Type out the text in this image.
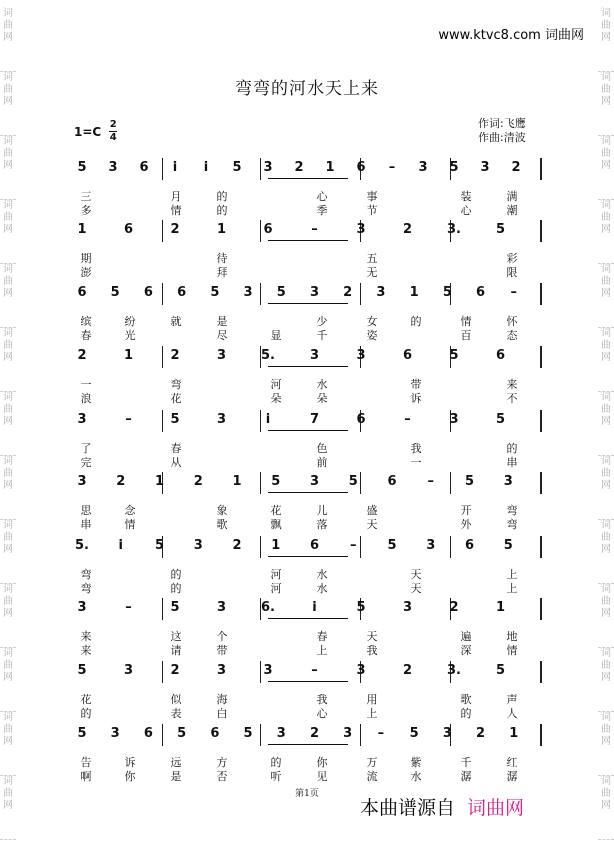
词
曲
网
词
曲
网
词
曲
网
词
曲
网
词
曲
网
词
曲
网
词
曲
网
词
曲
网
词
曲
网
词
曲
网
词
曲
网
词
曲
网
词
曲
网
词
曲
网
词
曲
网
词
曲
网
词
曲
网
词
曲
网
词
曲
网
词
曲
网
词
曲
网
词
曲
网
词
曲
网
词
曲
网
词
曲
网
词
曲
网
www.ktvc8.com 词曲网
弯弯的河水天上来
$1=C \frac{2}{4}$	作词:飞鹰
作曲:清波
5 3 6	i	i	5 3 2 1 6	–	3 5 3 2
三	月	的	心	事	装	满
多	情	的	季	节	心	潮
1	6	2	1	6	–	3	2	3.	5
期	待	五	彩
澎	拜	无	限
6 5 6 6 5 3 5 3 2 3 1 5 6	–
缤	纷	就	是	少	女	的	情	怀
春	光	尽	显	千	姿	百	态
2	1	2	3	5.	3	3	6	5	6
一	弯	河	水	带	来
浪	花	朵	朵	诉	不
3	–	5	3	i	7	6	–	3	5
了	春	色	我	的
完	从	前	一	串
3 2 1 2 1 5 3 5 6	–	5 3
思	念	象	花	儿	盛	开	弯
串	情	歌	飘	落	天	外	弯
5.	i	5 3 2 1 6	–	5 3 6 5
弯	的	河	水	天	上
弯	的	河	水	天	上
3	–	5	3	6.	i	5	3	2	1
来	这	个	春	天	遍	地
来	请	带	上	我	深	情
5	3	2	3	3	–	3	2	3.	5
花	似	海	我	用	歌	声
的	表	白	心	上	的	人
5 3 6 5 6 5 3 2 3	–	5 3 2 1
告	诉	远	方	的	你	万	紫	千	红
啊	你	是	否	听	见	流	水	潺	潺
第1页
本曲谱源自 词曲网
